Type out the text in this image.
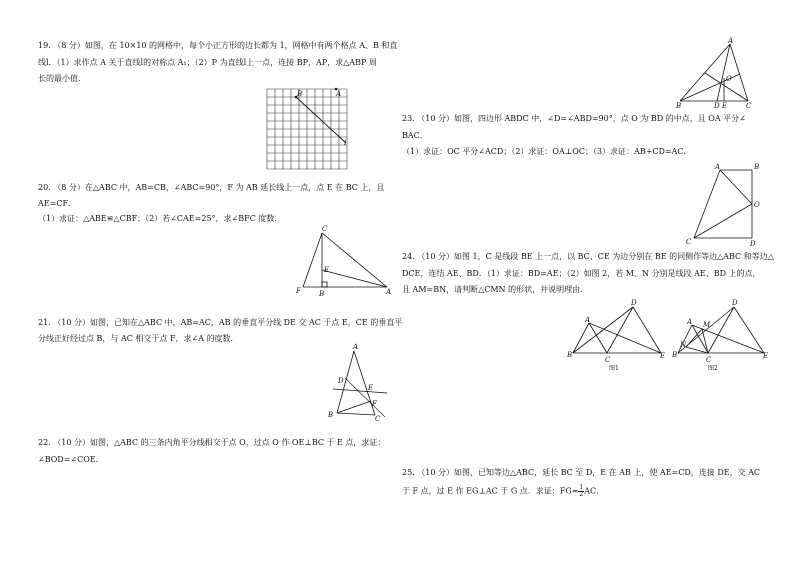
19. （8 分）如图，在 10×10 的网格中，每个小正方形的边长都为 1，网格中有两个格点 A、B 和直
线l．（1）求作点 A 关于直线l的对称点 A₁；（2）P 为直线l上一点，连接 BP，AP，求△ABP 周
长的最小值．
B	A
l
20. （8 分）在△ABC 中，AB=CB，∠ABC=90°，F 为 AB 延长线上一点，点 E 在 BC 上，且
AE=CF．
（1）求证：△ABE≌△CBF；（2）若∠CAE=25°，求∠BFC 度数．
C
E
F	B	A
21. （10 分）如图，已知在△ABC 中，AB=AC，AB 的垂直平分线 DE 交 AC 于点 E，CE 的垂直平
分线正好经过点 B，与 AC 相交于点 F，求∠A 的度数．
A
D
E
F
B	C
22. （10 分）如图，△ABC 的三条内角平分线相交于点 O，过点 O 作 OE⊥BC 于 E 点，求证：
∠BOD=∠COE．
A
O
B	D E	C
23. （10 分）如图，四边形 ABDC 中，∠D=∠ABD=90°，点 O 为 BD 的中点，且 OA 平分∠
BAC．
（1）求证：OC 平分∠ACD；（2）求证：OA⊥OC；（3）求证：AB+CD=AC．
A	B
O
C	D
24. （10 分）如图 1，C 是线段 BE 上一点，以 BC、CE 为边分别在 BE 的同侧作等边△ABC 和等边△
DCE，连结 AE、BD．（1）求证：BD=AE；（2）如图 2，若 M、N 分别是线段 AE、BD 上的点，
且 AM=BN，请判断△CMN 的形状，并说明理由．
D
A
B
C	E
图1
D
A M
N
B
C	E
图2
25. （10 分）如图，已知等边△ABC，延长 BC 至 D，E 在 AB 上，使 AE=CD，连接 DE，交 AC
于 F 点，过 E 作 EG⊥AC 于 G 点．求证：$FG= \frac{1}{2}$ AC．
